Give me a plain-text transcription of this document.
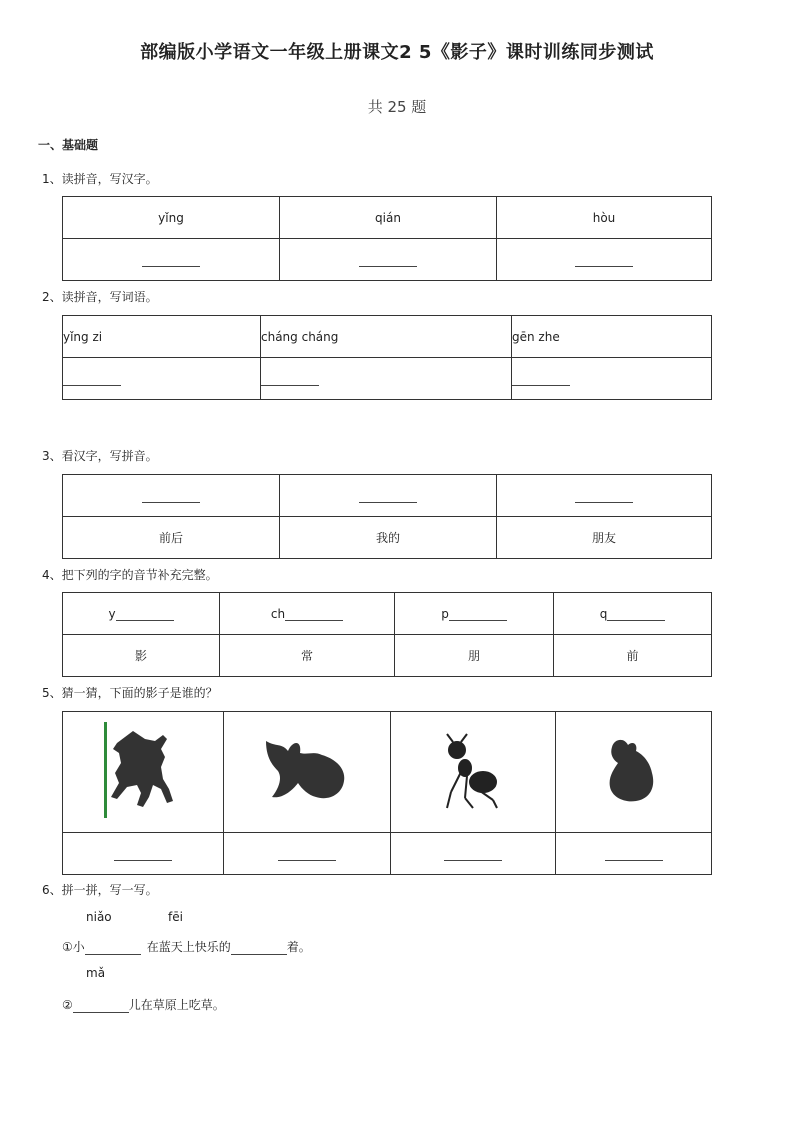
部编版小学语文一年级上册课文2 5《影子》课时训练同步测试
共 25 题
一、基础题
1、读拼音，写汉字。
yǐng	qián	hòu

2、读拼音，写词语。
yǐng zi	cháng cháng	gēn zhe

3、看汉字，写拼音。

前后	我的	朋友
4、把下列的字的音节补充完整。
y	ch	p	q
影	常	朋	前
5、猜一猜，下面的影子是谁的？

6、拼一拼，写一写。
niǎo	fēi
①小	在蓝天上快乐的	着。
mǎ
②	儿在草原上吃草。
